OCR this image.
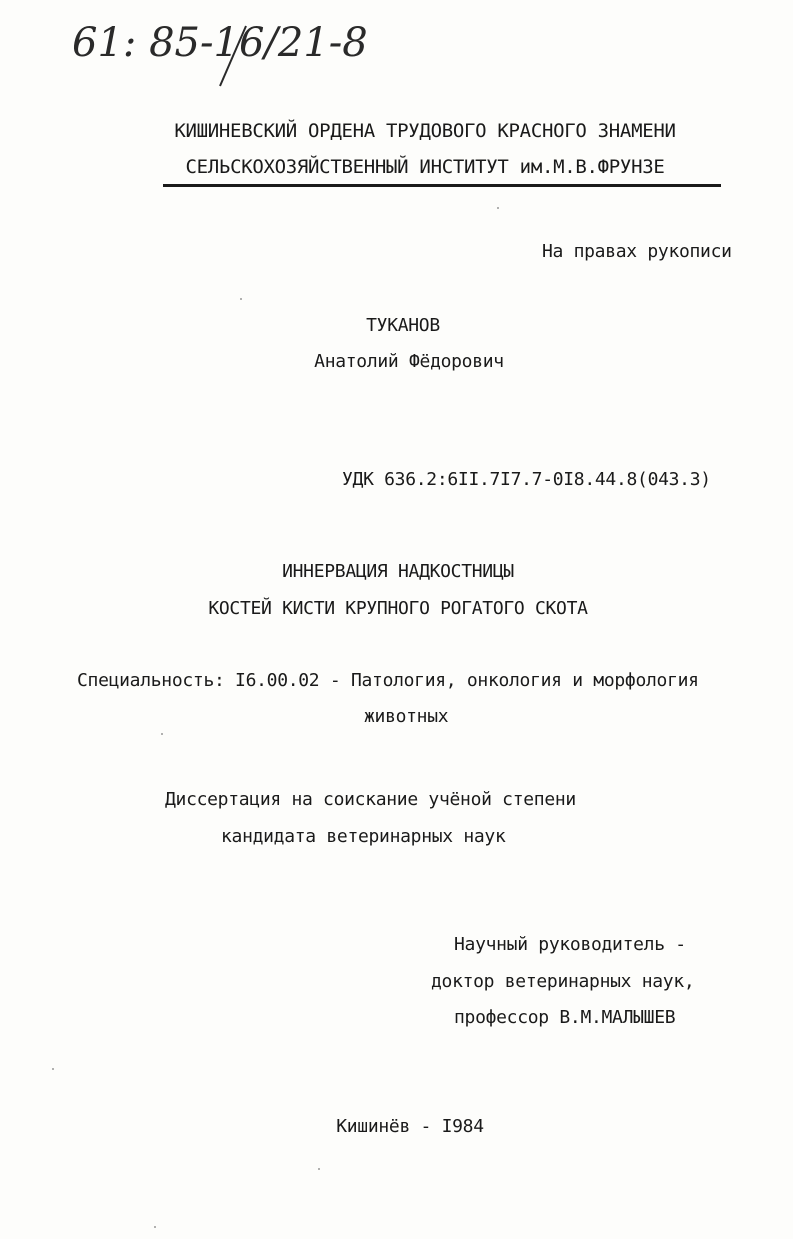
61: 85-16/21-8
КИШИНЕВСКИЙ ОРДЕНА ТРУДОВОГО КРАСНОГО ЗНАМЕНИ
СЕЛЬСКОХОЗЯЙСТВЕННЫЙ ИНСТИТУТ им.М.В.ФРУНЗЕ
На правах рукописи
ТУКАНОВ
Анатолий Фёдорович
УДК 636.2:6II.7I7.7-0I8.44.8(043.3)
ИННЕРВАЦИЯ НАДКОСТНИЦЫ
КОСТЕЙ КИСТИ КРУПНОГО РОГАТОГО СКОТА
Специальность: I6.00.02 - Патология, онкология и морфология
животных
Диссертация на соискание учёной степени
кандидата ветеринарных наук
Научный руководитель -
доктор ветеринарных наук,
профессор В.М.МАЛЫШЕВ
Кишинёв - I984
